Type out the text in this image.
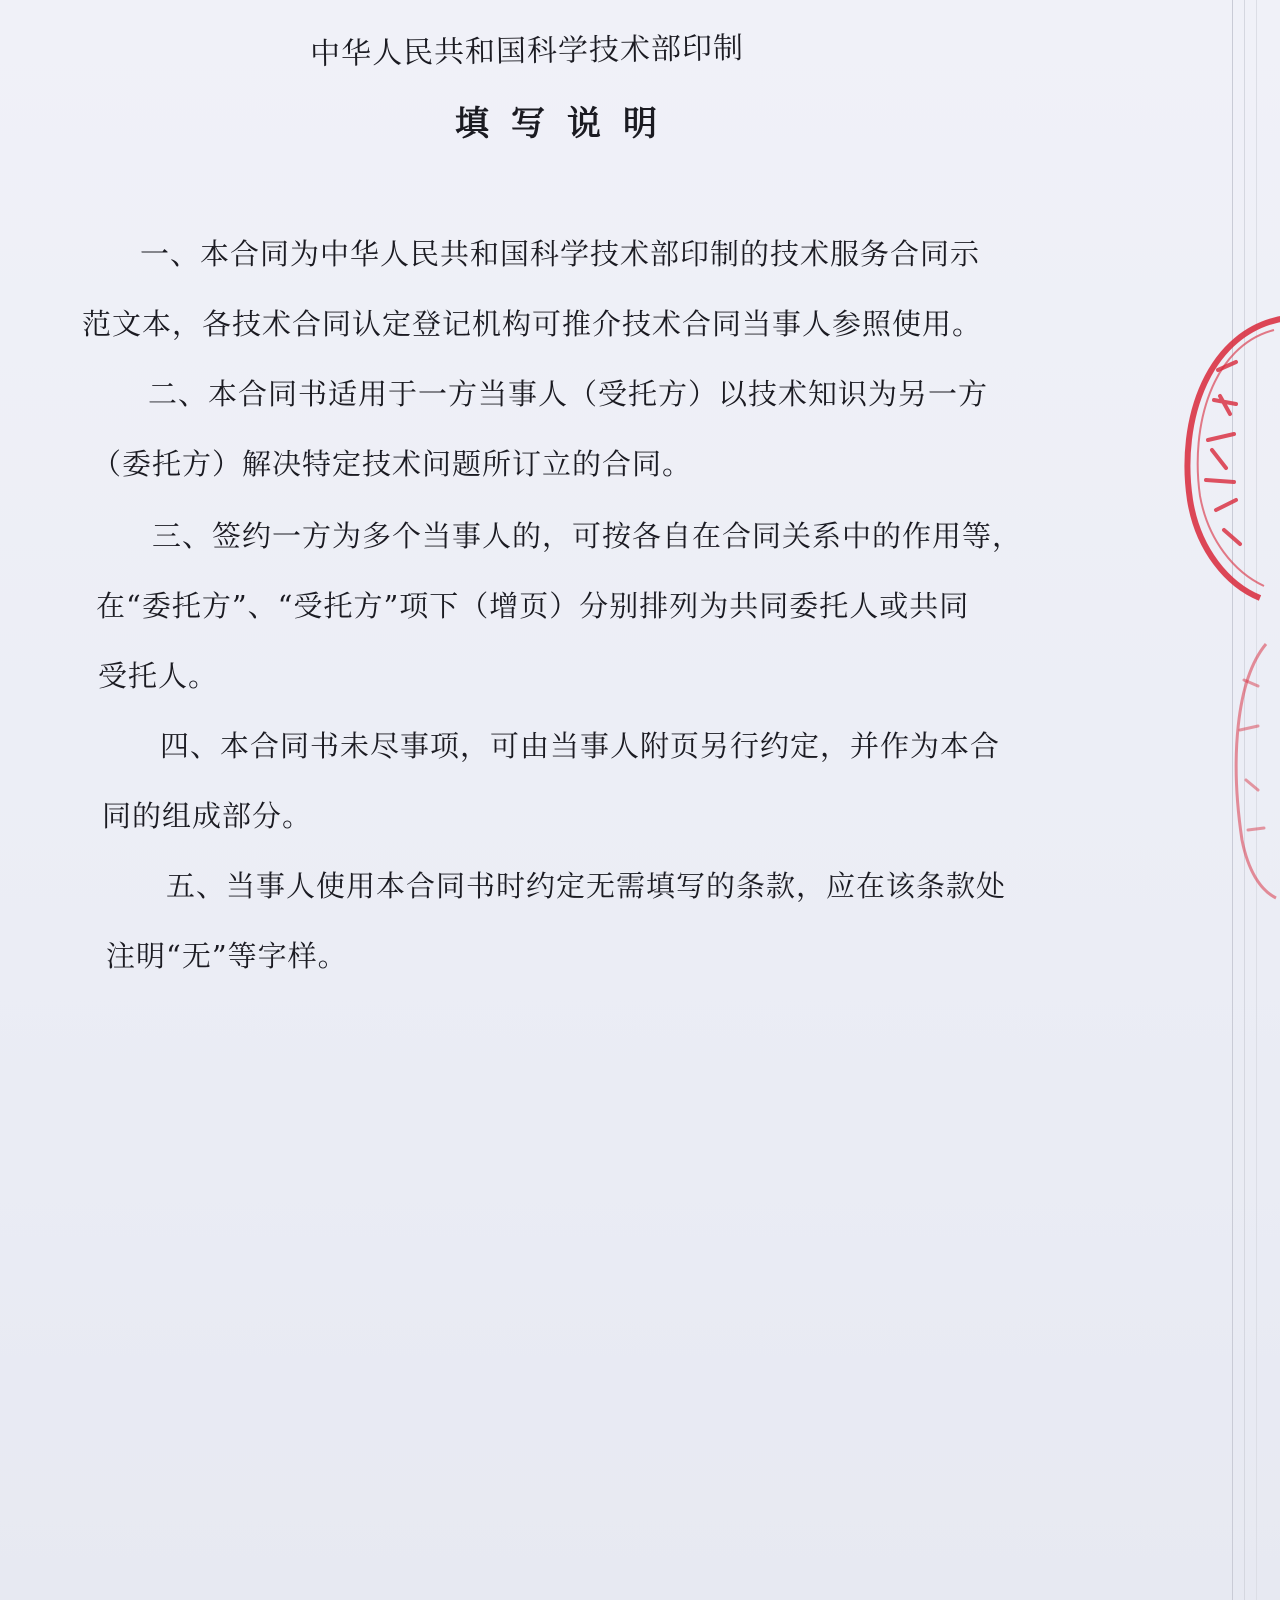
中华人民共和国科学技术部印制
填写说明
一、本合同为中华人民共和国科学技术部印制的技术服务合同示
范文本，各技术合同认定登记机构可推介技术合同当事人参照使用。
二、本合同书适用于一方当事人（受托方）以技术知识为另一方
（委托方）解决特定技术问题所订立的合同。
三、签约一方为多个当事人的，可按各自在合同关系中的作用等，
在“委托方”、“受托方”项下（增页）分别排列为共同委托人或共同
受托人。
四、本合同书未尽事项，可由当事人附页另行约定，并作为本合
同的组成部分。
五、当事人使用本合同书时约定无需填写的条款，应在该条款处
注明“无”等字样。
